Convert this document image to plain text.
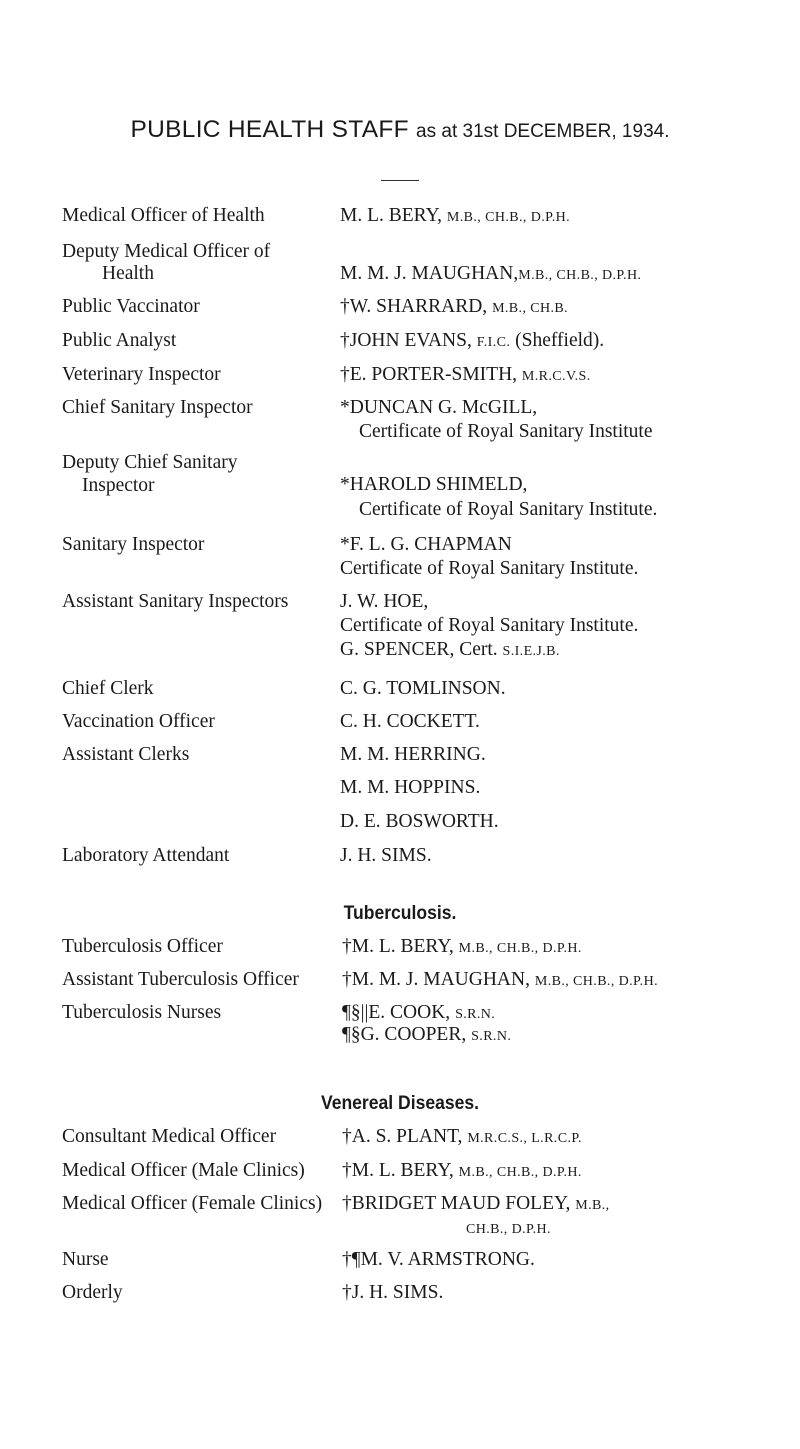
PUBLIC HEALTH STAFF as at 31st DECEMBER, 1934.
Medical Officer of Health	M. L. BERY, M.B., CH.B., D.P.H.
Deputy Medical Officer of
Health	M. M. J. MAUGHAN,M.B., CH.B., D.P.H.
Public Vaccinator	†W. SHARRARD, M.B., CH.B.
Public Analyst	†JOHN EVANS, F.I.C. (Sheffield).
Veterinary Inspector	†E. PORTER-SMITH, M.R.C.V.S.
Chief Sanitary Inspector	*DUNCAN G. McGILL,
Certificate of Royal Sanitary Institute
Deputy Chief Sanitary
Inspector	*HAROLD SHIMELD,
Certificate of Royal Sanitary Institute.
Sanitary Inspector	*F. L. G. CHAPMAN
Certificate of Royal Sanitary Institute.
Assistant Sanitary Inspectors	J. W. HOE,
Certificate of Royal Sanitary Institute.
G. SPENCER, Cert. S.I.E.J.B.
Chief Clerk	C. G. TOMLINSON.
Vaccination Officer	C. H. COCKETT.
Assistant Clerks	M. M. HERRING.
M. M. HOPPINS.
D. E. BOSWORTH.
Laboratory Attendant	J. H. SIMS.
Tuberculosis.
Tuberculosis Officer	†M. L. BERY, M.B., CH.B., D.P.H.
Assistant Tuberculosis Officer †M. M. J. MAUGHAN, M.B., CH.B., D.P.H.
Tuberculosis Nurses	¶§||E. COOK, S.R.N.
¶§G. COOPER, S.R.N.
Venereal Diseases.
Consultant Medical Officer	†A. S. PLANT, M.R.C.S., L.R.C.P.
Medical Officer (Male Clinics) †M. L. BERY, M.B., CH.B., D.P.H.
Medical Officer (Female Clinics) †BRIDGET MAUD FOLEY, M.B.,
CH.B., D.P.H.
Nurse	†¶M. V. ARMSTRONG.
Orderly	†J. H. SIMS.
